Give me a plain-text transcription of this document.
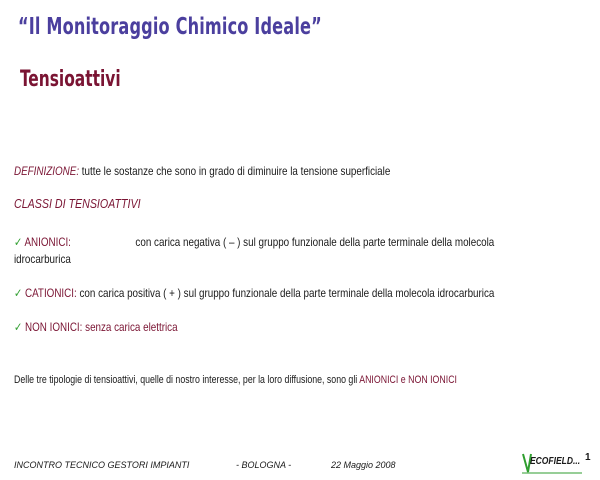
“Il Monitoraggio Chimico Ideale”
Tensioattivi
DEFINIZIONE: tutte le sostanze che sono in grado di diminuire la tensione superficiale
CLASSI DI TENSIOATTIVI
✓ ANIONICI:	con carica negativa ( – ) sul gruppo funzionale della parte terminale della molecola
idrocarburica
✓ CATIONICI: con carica positiva ( + ) sul gruppo funzionale della parte terminale della molecola idrocarburica
✓ NON IONICI: senza carica elettrica
Delle tre tipologie di tensioattivi, quelle di nostro interesse, per la loro diffusione, sono gli ANIONICI e NON IONICI
INCONTRO TECNICO GESTORI IMPIANTI	- BOLOGNA -	22 Maggio 2008	ECOFIELD... 1
